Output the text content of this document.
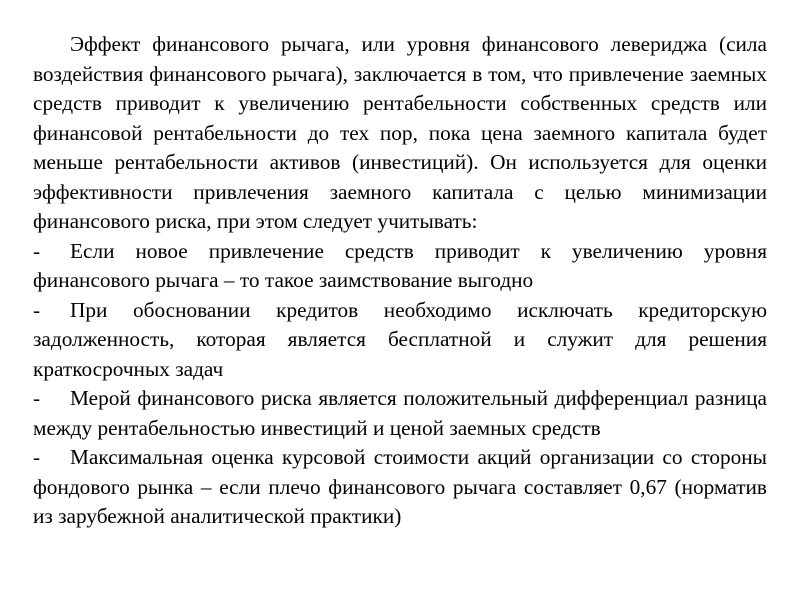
Эффект финансового рычага, или уровня финансового левериджа (сила воздействия финансового рычага), заключается в том, что привлечение заемных средств приводит к увеличению рентабельности собственных средств или финансовой рентабельности до тех пор, пока цена заемного капитала будет меньше рентабельности активов (инвестиций). Он используется для оценки эффективности привлечения заемного капитала с целью минимизации финансового риска, при этом следует учитывать:

- Если новое привлечение средств приводит к увеличению уровня финансового рычага – то такое заимствование выгодно
- При обосновании кредитов необходимо исключать кредиторскую задолженность, которая является бесплатной и служит для решения краткосрочных задач
- Мерой финансового риска является положительный дифференциал разница между рентабельностью инвестиций и ценой заемных средств
- Максимальная оценка курсовой стоимости акций организации со стороны фондового рынка – если плечо финансового рычага составляет 0,67 (норматив из зарубежной аналитической практики)
